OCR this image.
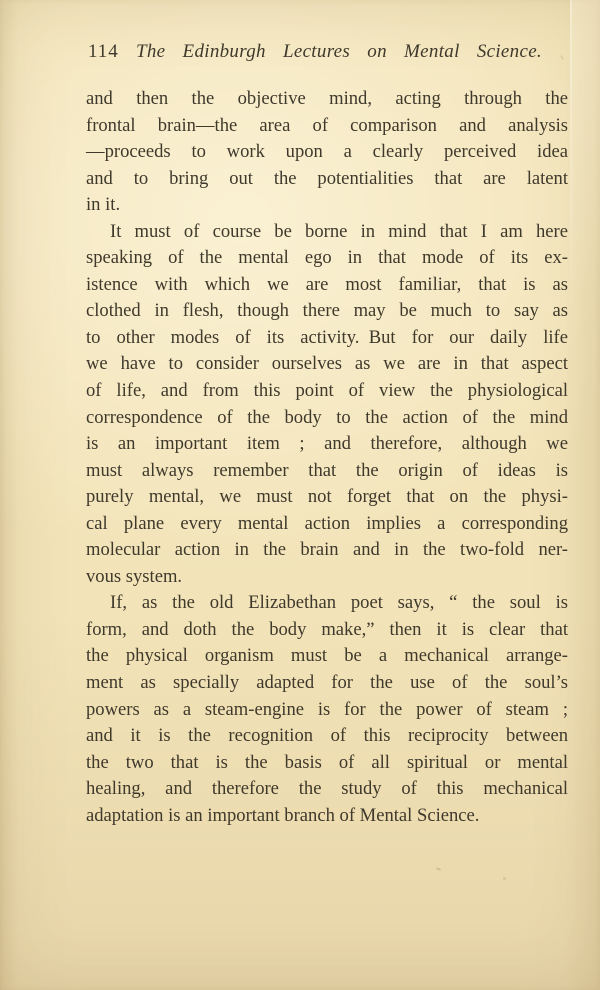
114 The Edinburgh Lectures on Mental Science.
and then the objective mind, acting through the
frontal brain—the area of comparison and analysis
—proceeds to work upon a clearly perceived idea
and to bring out the potentialities that are latent
in it.
It must of course be borne in mind that I am here
speaking of the mental ego in that mode of its ex-
istence with which we are most familiar, that is as
clothed in flesh, though there may be much to say as
to other modes of its activity. But for our daily life
we have to consider ourselves as we are in that aspect
of life, and from this point of view the physiological
correspondence of the body to the action of the mind
is an important item ; and therefore, although we
must always remember that the origin of ideas is
purely mental, we must not forget that on the physi-
cal plane every mental action implies a corresponding
molecular action in the brain and in the two-fold ner-
vous system.
If, as the old Elizabethan poet says, “ the soul is
form, and doth the body make,” then it is clear that
the physical organism must be a mechanical arrange-
ment as specially adapted for the use of the soul’s
powers as a steam-engine is for the power of steam ;
and it is the recognition of this reciprocity between
the two that is the basis of all spiritual or mental
healing, and therefore the study of this mechanical
adaptation is an important branch of Mental Science.
